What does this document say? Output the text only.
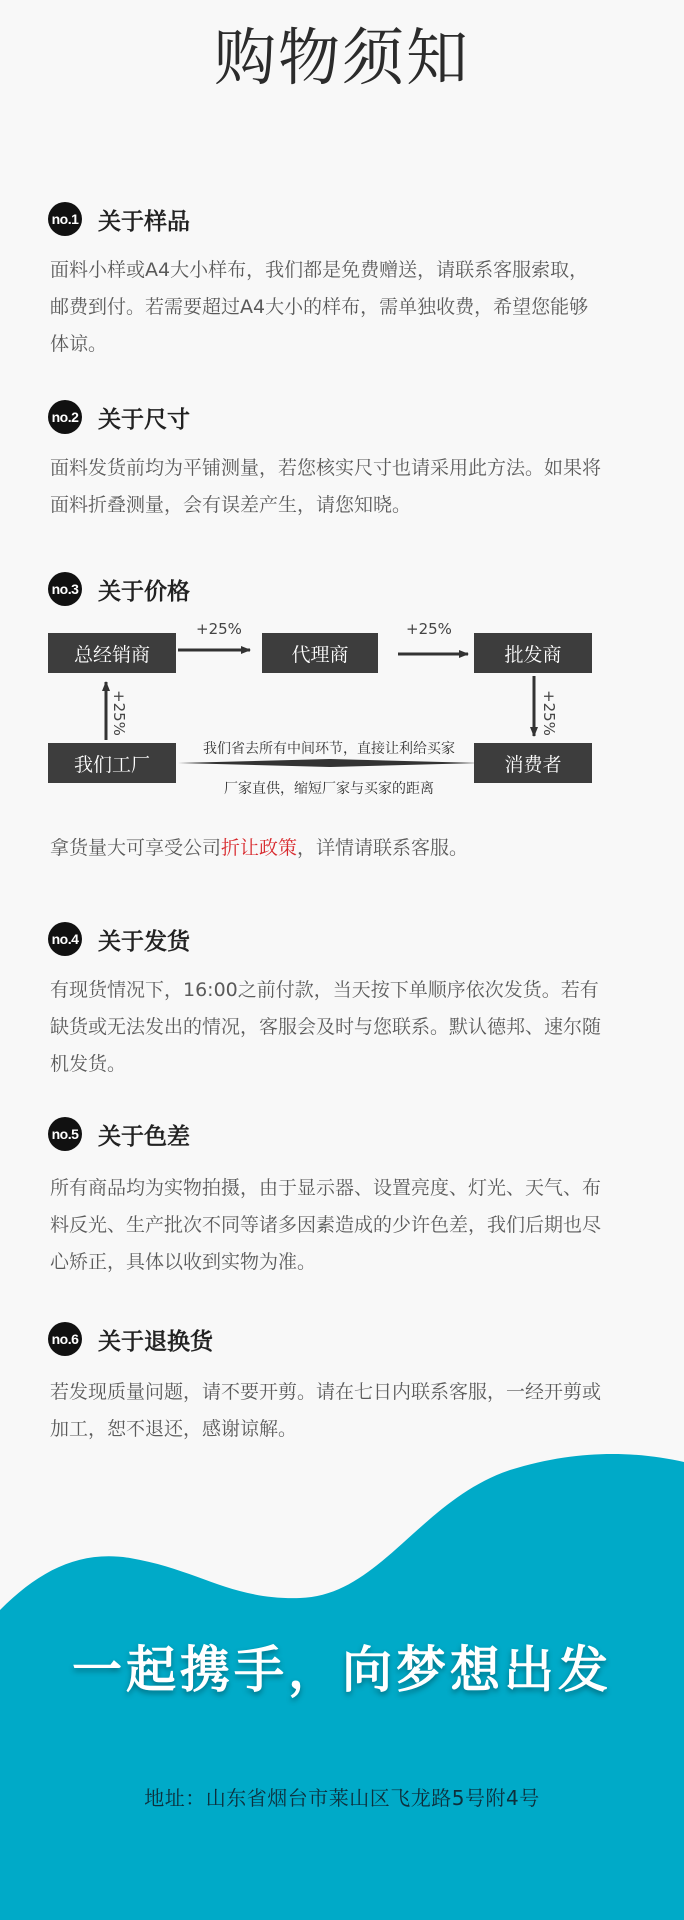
购物须知
no.1 关于样品
面料小样或A4大小样布，我们都是免费赠送，请联系客服索取，
邮费到付。若需要超过A4大小的样布，需单独收费，希望您能够
体谅。
no.2 关于尺寸
面料发货前均为平铺测量，若您核实尺寸也请采用此方法。如果将
面料折叠测量，会有误差产生，请您知晓。
no.3 关于价格
总经销商	代理商	批发商
我们工厂	消费者
+25%	+25%
+25%	+25%
我们省去所有中间环节，直接让利给买家
厂家直供，缩短厂家与买家的距离
拿货量大可享受公司折让政策，详情请联系客服。
no.4 关于发货
有现货情况下，16:00之前付款，当天按下单顺序依次发货。若有
缺货或无法发出的情况，客服会及时与您联系。默认德邦、速尔随
机发货。
no.5 关于色差
所有商品均为实物拍摄，由于显示器、设置亮度、灯光、天气、布
料反光、生产批次不同等诸多因素造成的少许色差，我们后期也尽
心矫正，具体以收到实物为准。
no.6 关于退换货
若发现质量问题，请不要开剪。请在七日内联系客服，一经开剪或
加工，恕不退还，感谢谅解。
一起携手，向梦想出发
地址：山东省烟台市莱山区飞龙路5号附4号
